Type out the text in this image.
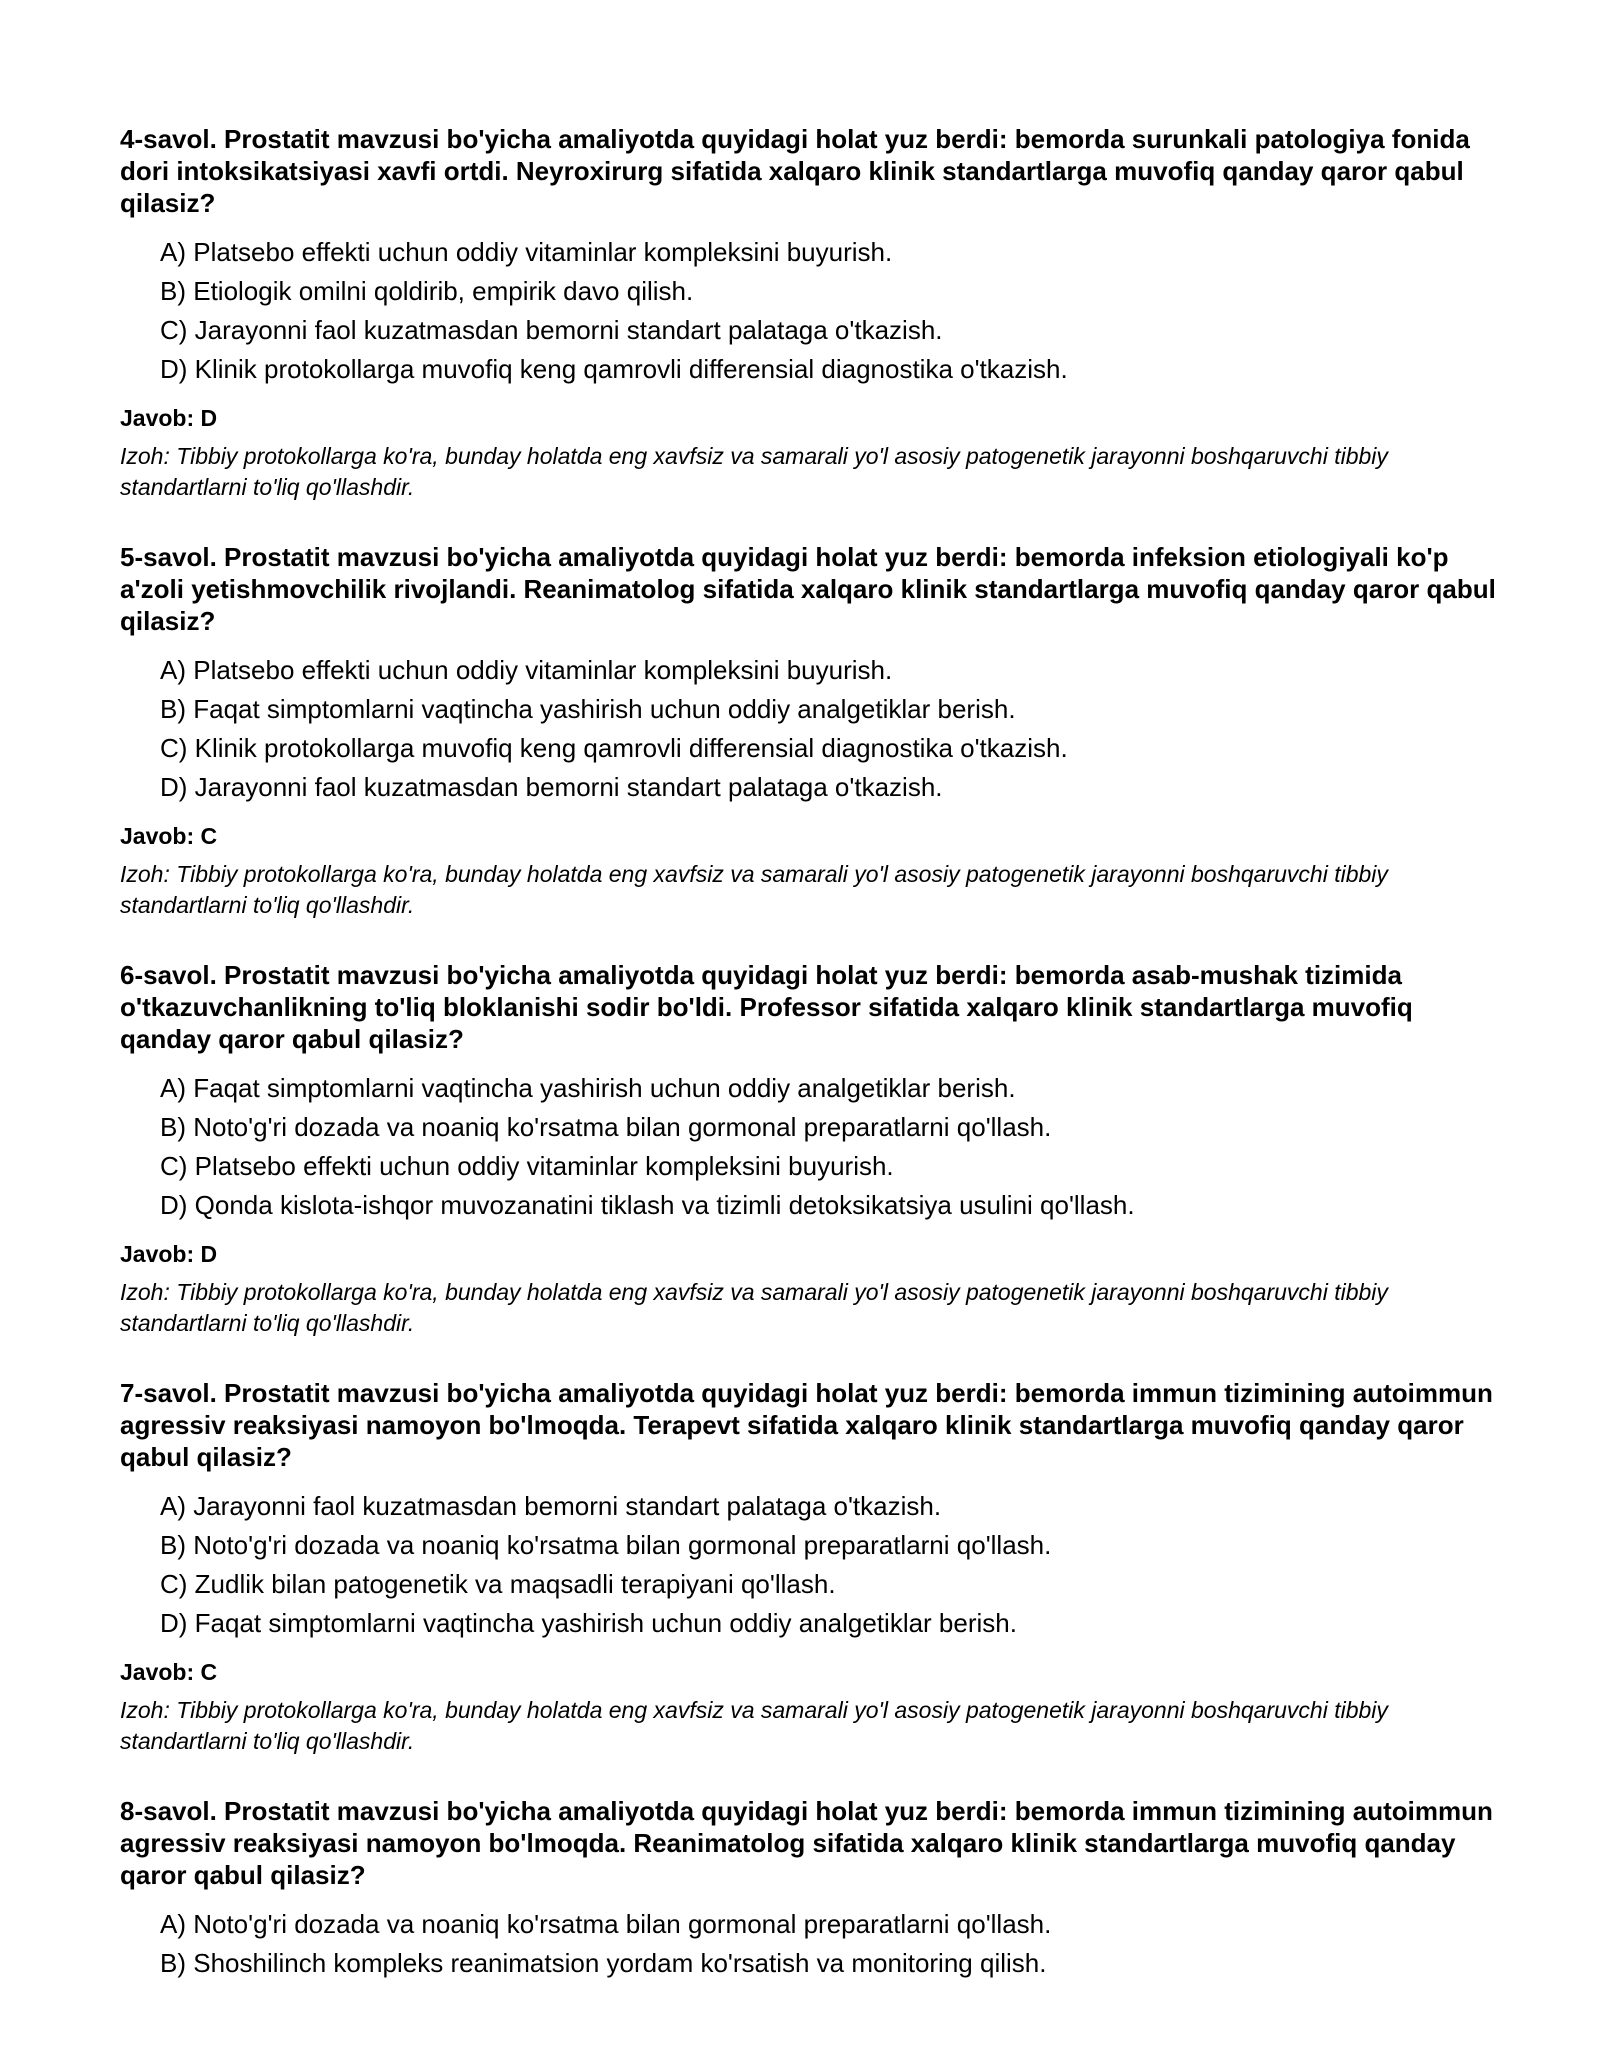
4-savol. Prostatit mavzusi bo'yicha amaliyotda quyidagi holat yuz berdi: bemorda surunkali patologiya fonida dori intoksikatsiyasi xavfi ortdi. Neyroxirurg sifatida xalqaro klinik standartlarga muvofiq qanday qaror qabul qilasiz?

A) Platsebo effekti uchun oddiy vitaminlar kompleksini buyurish.
B) Etiologik omilni qoldirib, empirik davo qilish.
C) Jarayonni faol kuzatmasdan bemorni standart palataga o'tkazish.
D) Klinik protokollarga muvofiq keng qamrovli differensial diagnostika o'tkazish.

Javob: D

Izoh: Tibbiy protokollarga ko'ra, bunday holatda eng xavfsiz va samarali yo'l asosiy patogenetik jarayonni boshqaruvchi tibbiy standartlarni to'liq qo'llashdir.

5-savol. Prostatit mavzusi bo'yicha amaliyotda quyidagi holat yuz berdi: bemorda infeksion etiologiyali ko'p a'zoli yetishmovchilik rivojlandi. Reanimatolog sifatida xalqaro klinik standartlarga muvofiq qanday qaror qabul qilasiz?

A) Platsebo effekti uchun oddiy vitaminlar kompleksini buyurish.
B) Faqat simptomlarni vaqtincha yashirish uchun oddiy analgetiklar berish.
C) Klinik protokollarga muvofiq keng qamrovli differensial diagnostika o'tkazish.
D) Jarayonni faol kuzatmasdan bemorni standart palataga o'tkazish.

Javob: C

Izoh: Tibbiy protokollarga ko'ra, bunday holatda eng xavfsiz va samarali yo'l asosiy patogenetik jarayonni boshqaruvchi tibbiy standartlarni to'liq qo'llashdir.

6-savol. Prostatit mavzusi bo'yicha amaliyotda quyidagi holat yuz berdi: bemorda asab-mushak tizimida o'tkazuvchanlikning to'liq bloklanishi sodir bo'ldi. Professor sifatida xalqaro klinik standartlarga muvofiq qanday qaror qabul qilasiz?

A) Faqat simptomlarni vaqtincha yashirish uchun oddiy analgetiklar berish.
B) Noto'g'ri dozada va noaniq ko'rsatma bilan gormonal preparatlarni qo'llash.
C) Platsebo effekti uchun oddiy vitaminlar kompleksini buyurish.
D) Qonda kislota-ishqor muvozanatini tiklash va tizimli detoksikatsiya usulini qo'llash.

Javob: D

Izoh: Tibbiy protokollarga ko'ra, bunday holatda eng xavfsiz va samarali yo'l asosiy patogenetik jarayonni boshqaruvchi tibbiy standartlarni to'liq qo'llashdir.

7-savol. Prostatit mavzusi bo'yicha amaliyotda quyidagi holat yuz berdi: bemorda immun tizimining autoimmun agressiv reaksiyasi namoyon bo'lmoqda. Terapevt sifatida xalqaro klinik standartlarga muvofiq qanday qaror qabul qilasiz?

A) Jarayonni faol kuzatmasdan bemorni standart palataga o'tkazish.
B) Noto'g'ri dozada va noaniq ko'rsatma bilan gormonal preparatlarni qo'llash.
C) Zudlik bilan patogenetik va maqsadli terapiyani qo'llash.
D) Faqat simptomlarni vaqtincha yashirish uchun oddiy analgetiklar berish.

Javob: C

Izoh: Tibbiy protokollarga ko'ra, bunday holatda eng xavfsiz va samarali yo'l asosiy patogenetik jarayonni boshqaruvchi tibbiy standartlarni to'liq qo'llashdir.

8-savol. Prostatit mavzusi bo'yicha amaliyotda quyidagi holat yuz berdi: bemorda immun tizimining autoimmun agressiv reaksiyasi namoyon bo'lmoqda. Reanimatolog sifatida xalqaro klinik standartlarga muvofiq qanday qaror qabul qilasiz?

A) Noto'g'ri dozada va noaniq ko'rsatma bilan gormonal preparatlarni qo'llash.
B) Shoshilinch kompleks reanimatsion yordam ko'rsatish va monitoring qilish.
